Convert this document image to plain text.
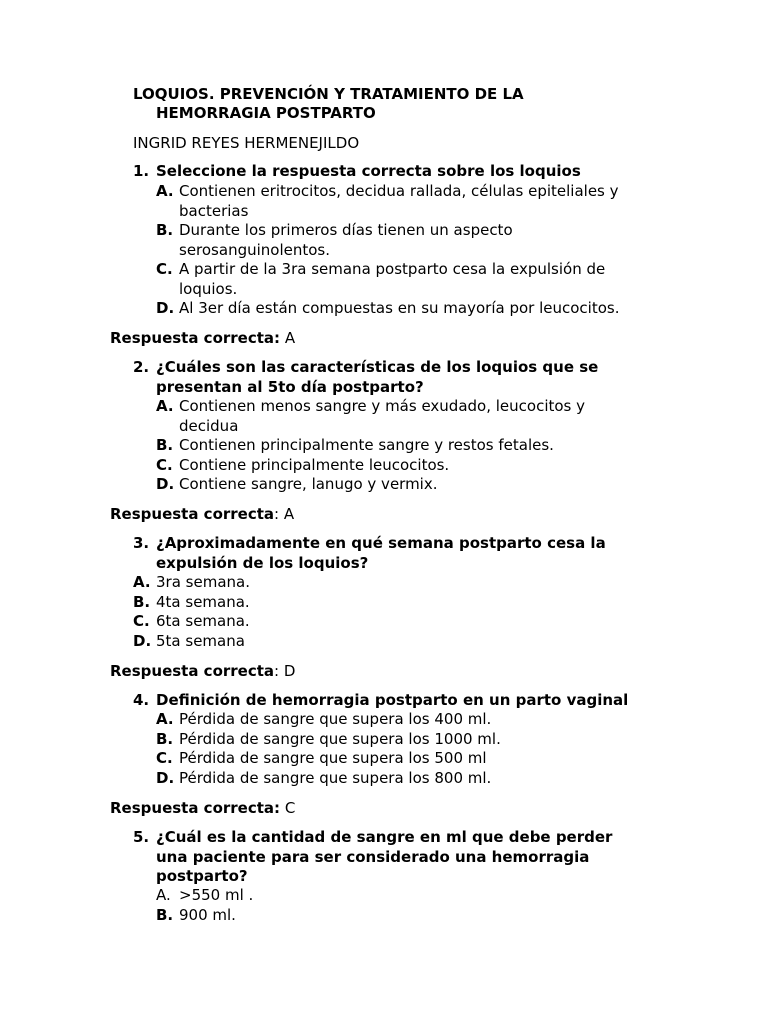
LOQUIOS. PREVENCIÓN Y TRATAMIENTO DE LA
HEMORRAGIA POSTPARTO
INGRID REYES HERMENEJILDO
1. Seleccione la respuesta correcta sobre los loquios
A. Contienen eritrocitos, decidua rallada, células epiteliales y
bacterias
B. Durante los primeros días tienen un aspecto
serosanguinolentos.
C. A partir de la 3ra semana postparto cesa la expulsión de
loquios.
D. Al 3er día están compuestas en su mayoría por leucocitos.
Respuesta correcta: A
2. ¿Cuáles son las características de los loquios que se
presentan al 5to día postparto?
A. Contienen menos sangre y más exudado, leucocitos y
decidua
B. Contienen principalmente sangre y restos fetales.
C. Contiene principalmente leucocitos.
D. Contiene sangre, lanugo y vermix.
Respuesta correcta: A
3. ¿Aproximadamente en qué semana postparto cesa la
expulsión de los loquios?
A. 3ra semana.
B. 4ta semana.
C. 6ta semana.
D. 5ta semana
Respuesta correcta: D
4. Definición de hemorragia postparto en un parto vaginal
A. Pérdida de sangre que supera los 400 ml.
B. Pérdida de sangre que supera los 1000 ml.
C. Pérdida de sangre que supera los 500 ml
D. Pérdida de sangre que supera los 800 ml.
Respuesta correcta: C
5. ¿Cuál es la cantidad de sangre en ml que debe perder
una paciente para ser considerado una hemorragia
postparto?
A. >550 ml .
B. 900 ml.
